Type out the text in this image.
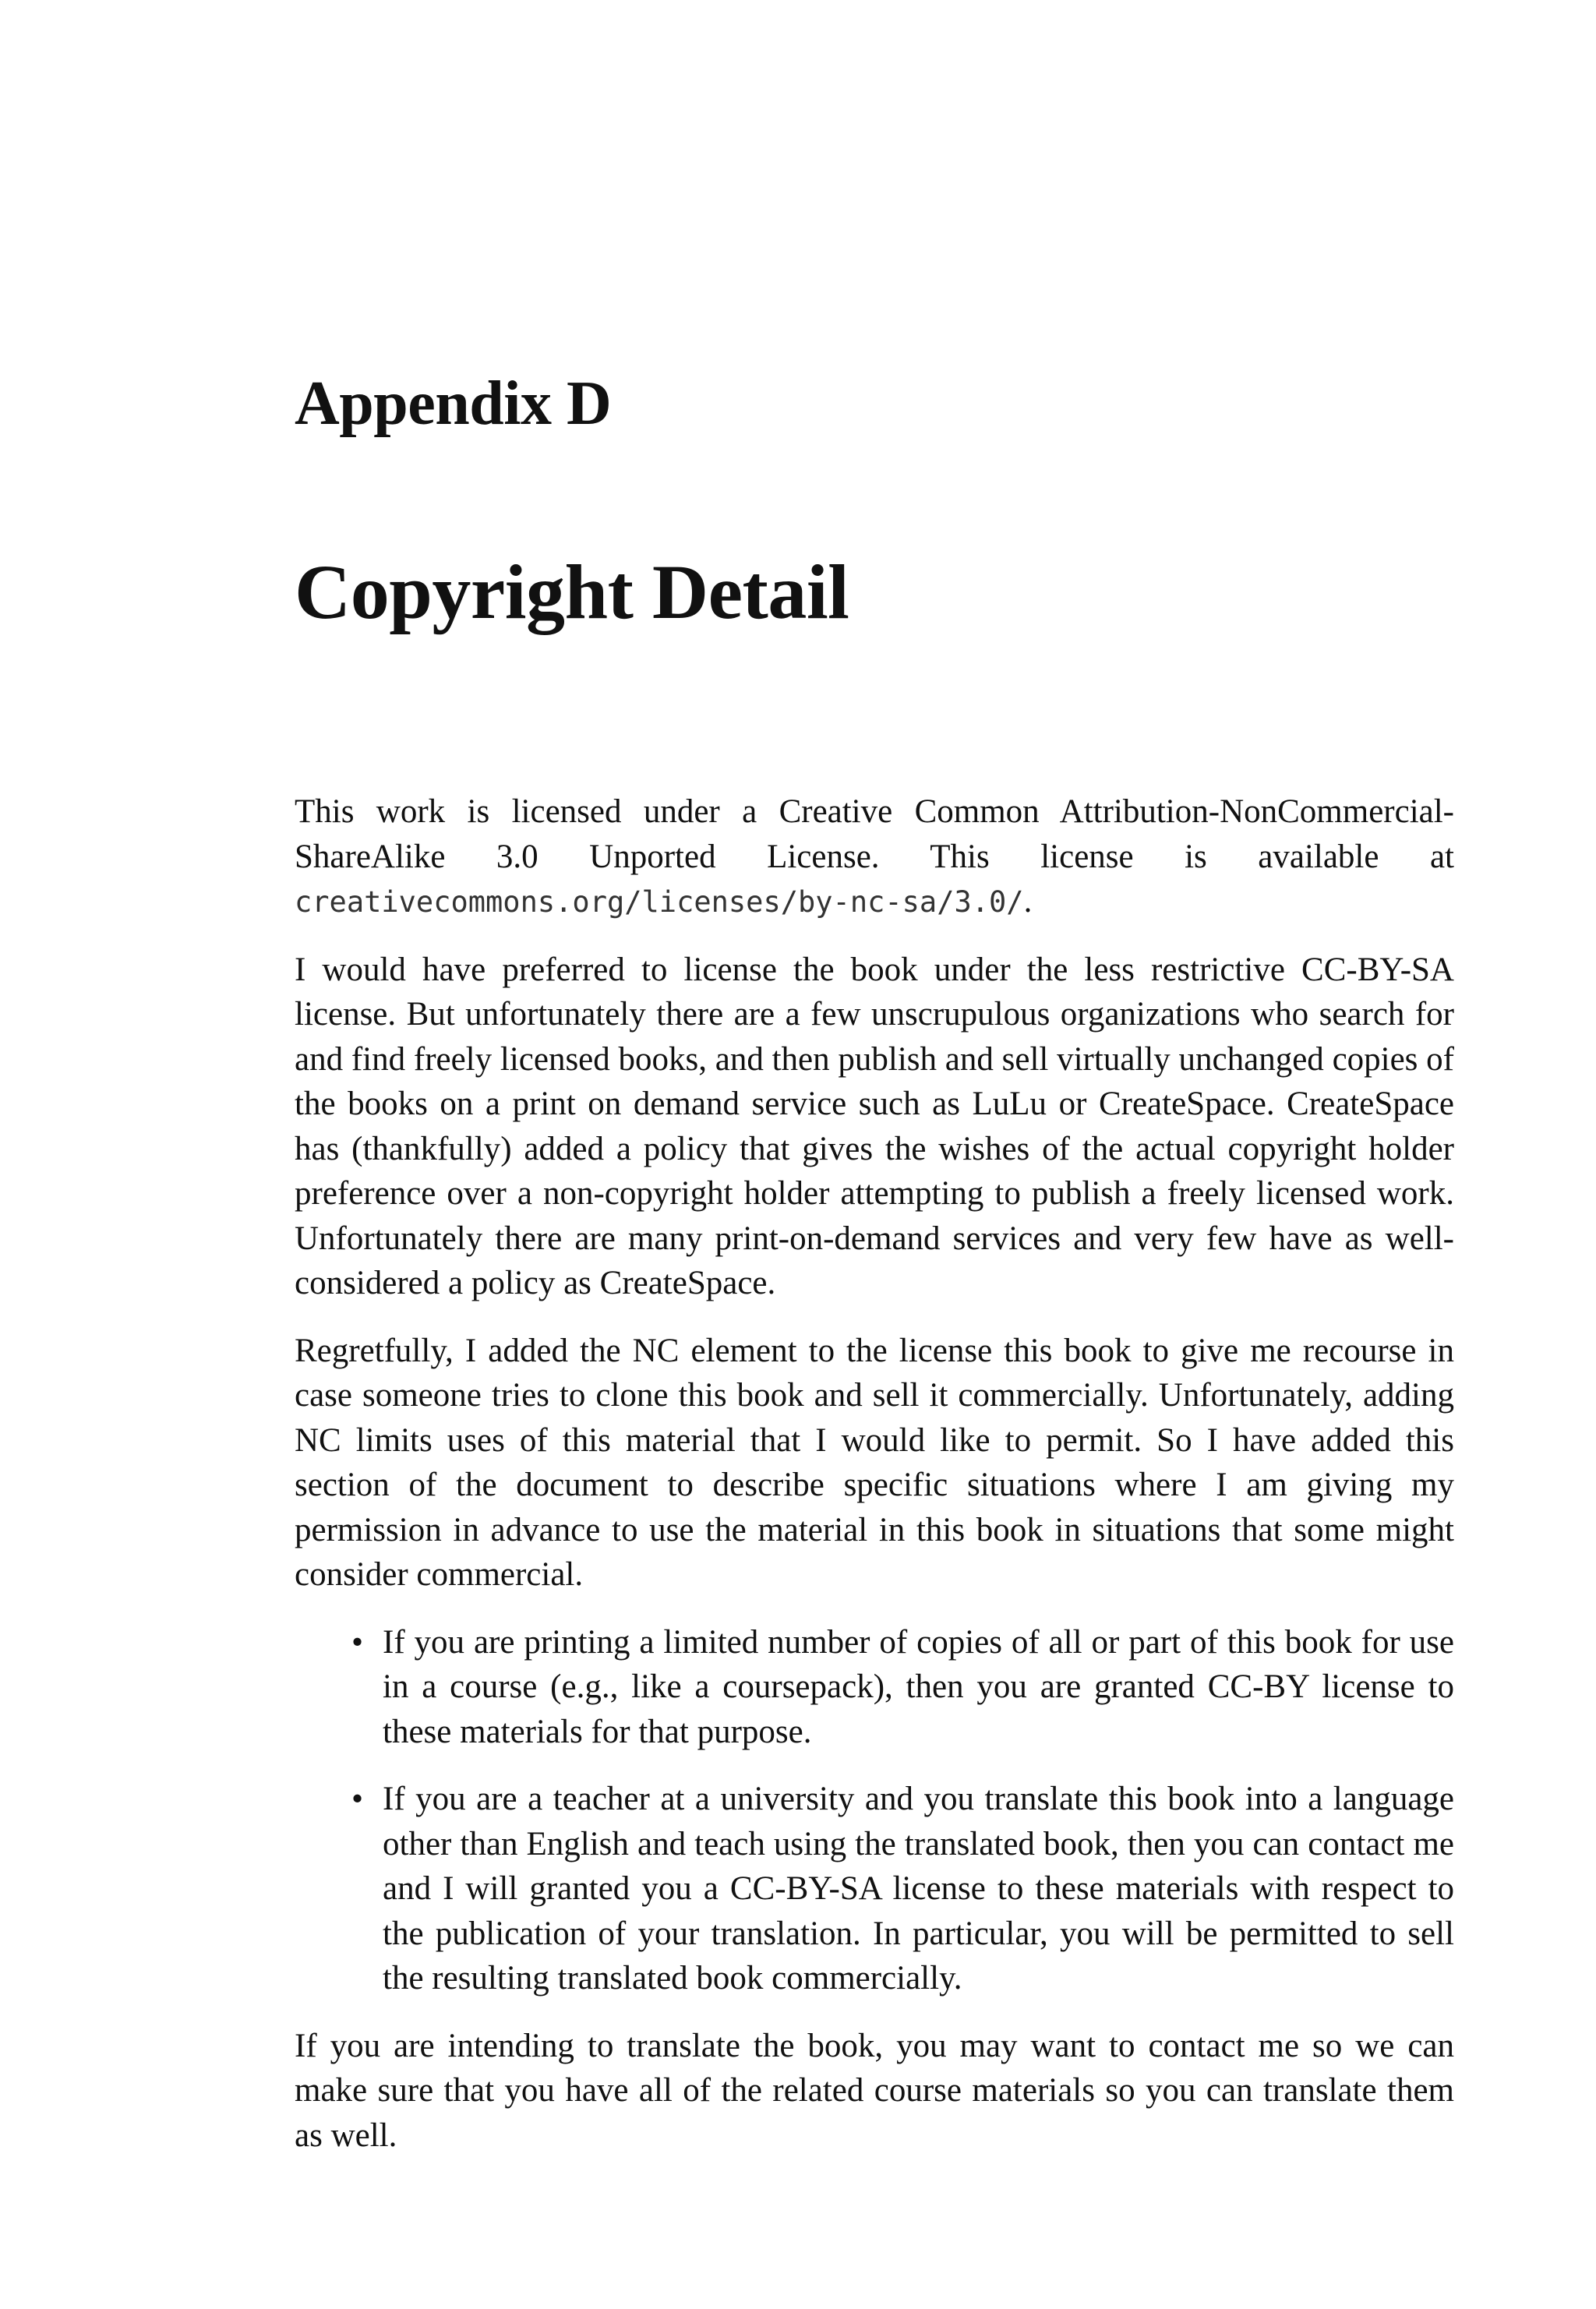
Appendix D
Copyright Detail

This work is licensed under a Creative Common Attribution-NonCommercial-ShareAlike 3.0 Unported License. This license is available at creativecommons.org/licenses/by-nc-sa/3.0/.

I would have preferred to license the book under the less restrictive CC-BY-SA license. But unfortunately there are a few unscrupulous organizations who search for and find freely licensed books, and then publish and sell virtually unchanged copies of the books on a print on demand service such as LuLu or CreateSpace. CreateSpace has (thankfully) added a policy that gives the wishes of the actual copyright holder preference over a non-copyright holder attempting to publish a freely licensed work. Unfortunately there are many print-on-demand services and very few have as well-considered a policy as CreateSpace.

Regretfully, I added the NC element to the license this book to give me recourse in case someone tries to clone this book and sell it commercially. Unfortunately, adding NC limits uses of this material that I would like to permit. So I have added this section of the document to describe specific situations where I am giving my permission in advance to use the material in this book in situations that some might consider commercial.

• If you are printing a limited number of copies of all or part of this book for use in a course (e.g., like a coursepack), then you are granted CC-BY license to these materials for that purpose.
• If you are a teacher at a university and you translate this book into a language other than English and teach using the translated book, then you can contact me and I will granted you a CC-BY-SA license to these materials with respect to the publication of your translation. In particular, you will be permitted to sell the resulting translated book commercially.

If you are intending to translate the book, you may want to contact me so we can make sure that you have all of the related course materials so you can translate them as well.
